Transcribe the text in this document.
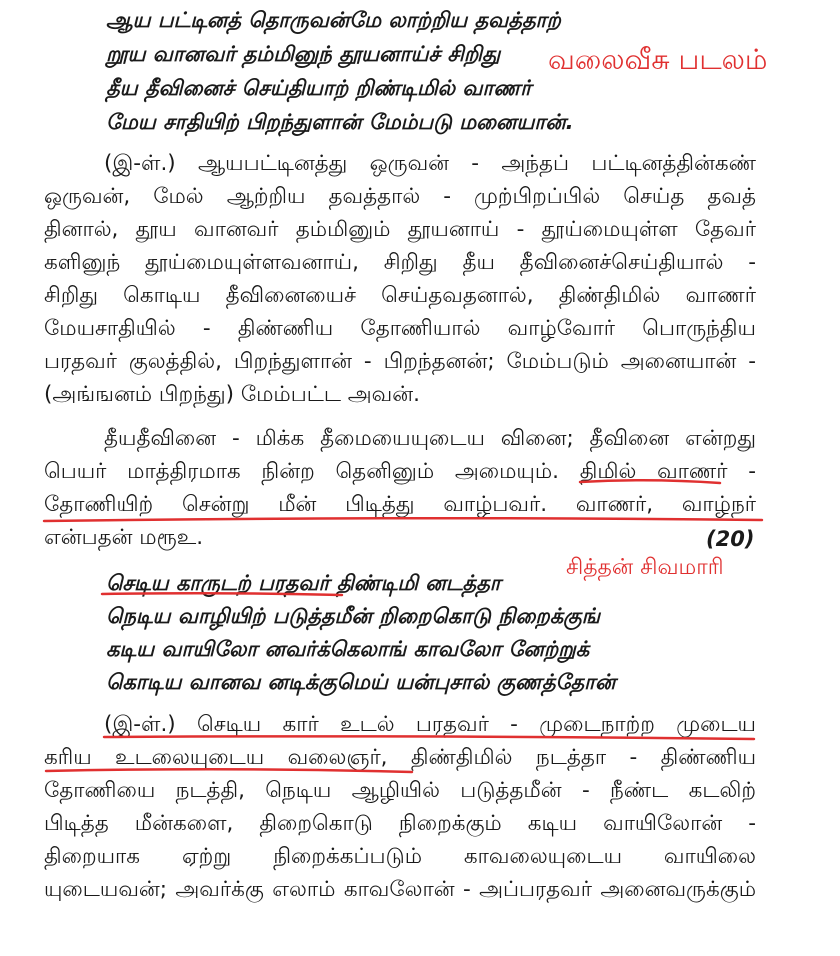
ஆய பட்டினத் தொருவன்மே லாற்றிய தவத்தாற்

றூய வானவர் தம்மினுந் தூயனாய்ச் சிறிது

தீய தீவினைச் செய்தியாற் றிண்டிமில் வாணர்

மேய சாதியிற் பிறந்துளான் மேம்படு மனையான்.

(இ-ள்.) ஆயபட்டினத்து ஒருவன் - அந்தப் பட்டினத்தின்கண்

ஒருவன், மேல் ஆற்றிய தவத்தால் - முற்பிறப்பில் செய்த தவத்

தினால், தூய வானவர் தம்மினும் தூயனாய் - தூய்மையுள்ள தேவர்

களினுந் தூய்மையுள்ளவனாய், சிறிது தீய தீவினைச்செய்தியால் -

சிறிது கொடிய தீவினையைச் செய்தவதனால், திண்திமில் வாணர்

மேயசாதியில் - திண்ணிய தோணியால் வாழ்வோர் பொருந்திய

பரதவர் குலத்தில், பிறந்துளான் - பிறந்தனன்; மேம்படும் அனையான் -

(அங்ஙனம் பிறந்து) மேம்பட்ட அவன்.

தீயதீவினை - மிக்க தீமையையுடைய வினை; தீவினை என்றது

பெயர் மாத்திரமாக நின்ற தெனினும் அமையும். திமில் வாணர் -

தோணியிற் சென்று மீன் பிடித்து வாழ்பவர். வாணர், வாழ்நர்

என்பதன் மரூஉ.	(20)

செடிய காருடற் பரதவர் திண்டிமி னடத்தா

நெடிய வாழியிற் படுத்தமீன் றிறைகொடு நிறைக்குங்

கடிய வாயிலோ னவர்க்கெலாங் காவலோ னேற்றுக்

கொடிய வானவ னடிக்குமெய் யன்புசால் குணத்தோன்

(இ-ள்.) செடிய கார் உடல் பரதவர் - முடைநாற்ற முடைய

கரிய உடலையுடைய வலைஞர், திண்திமில் நடத்தா - திண்ணிய

தோணியை நடத்தி, நெடிய ஆழியில் படுத்தமீன் - நீண்ட கடலிற்

பிடித்த மீன்களை, திறைகொடு நிறைக்கும் கடிய வாயிலோன் -

திறையாக ஏற்று நிறைக்கப்படும் காவலையுடைய வாயிலை

யுடையவன்; அவர்க்கு எலாம் காவலோன் - அப்பரதவர் அனைவருக்கும்

வலைவீசு படலம்

சித்தன் சிவமாரி
